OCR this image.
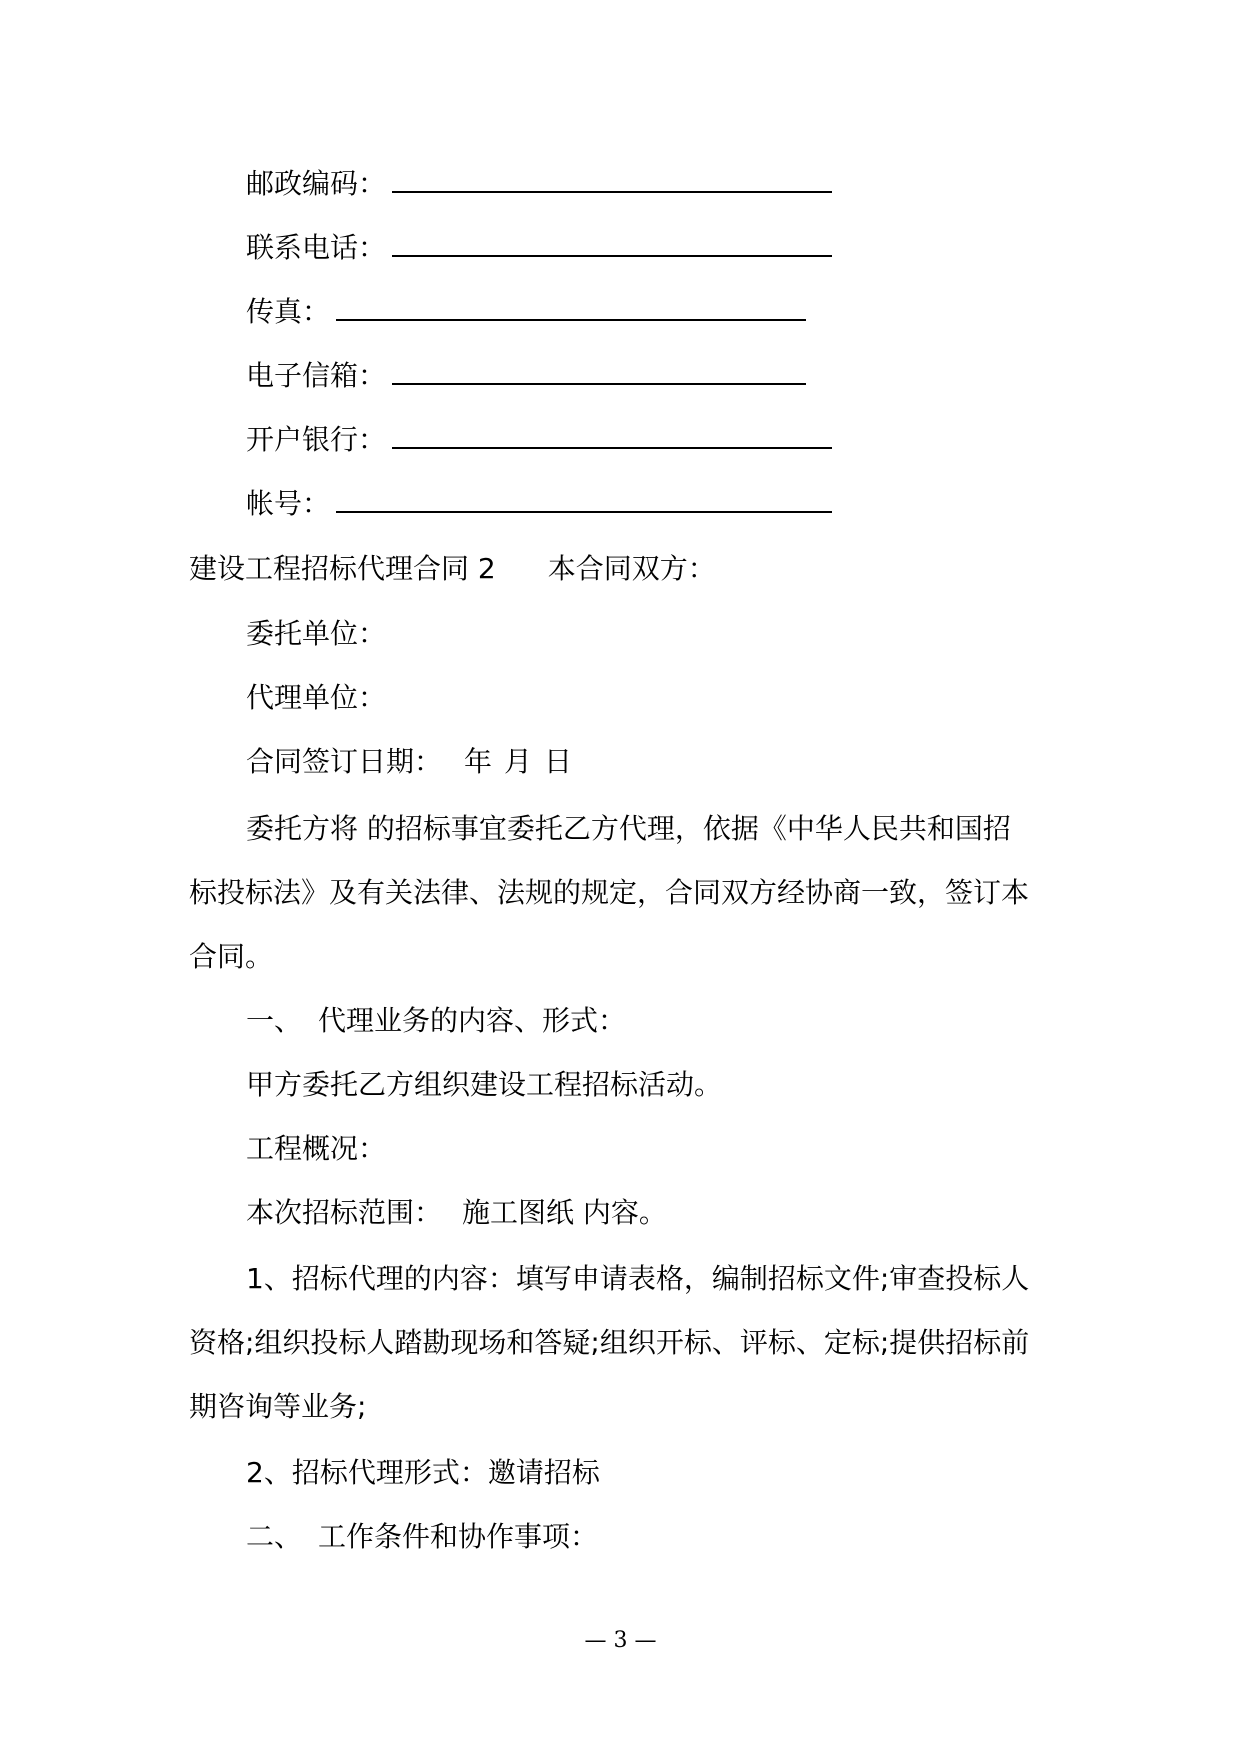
邮政编码：
联系电话：
传真：
电子信箱：
开户银行：
帐号：
建设工程招标代理合同 2 本合同双方：
委托单位：
代理单位：
合同签订日期： 年 月 日
委托方将 的招标事宜委托乙方代理，依据《中华人民共和国招
标投标法》及有关法律、法规的规定，合同双方经协商一致，签订本
合同。
一、 代理业务的内容、形式：
甲方委托乙方组织建设工程招标活动。
工程概况：
本次招标范围： 施工图纸 内容。
1、招标代理的内容：填写申请表格，编制招标文件;审查投标人
资格;组织投标人踏勘现场和答疑;组织开标、评标、定标;提供招标前
期咨询等业务;
2、招标代理形式：邀请招标
二、 工作条件和协作事项：
— 3 —
